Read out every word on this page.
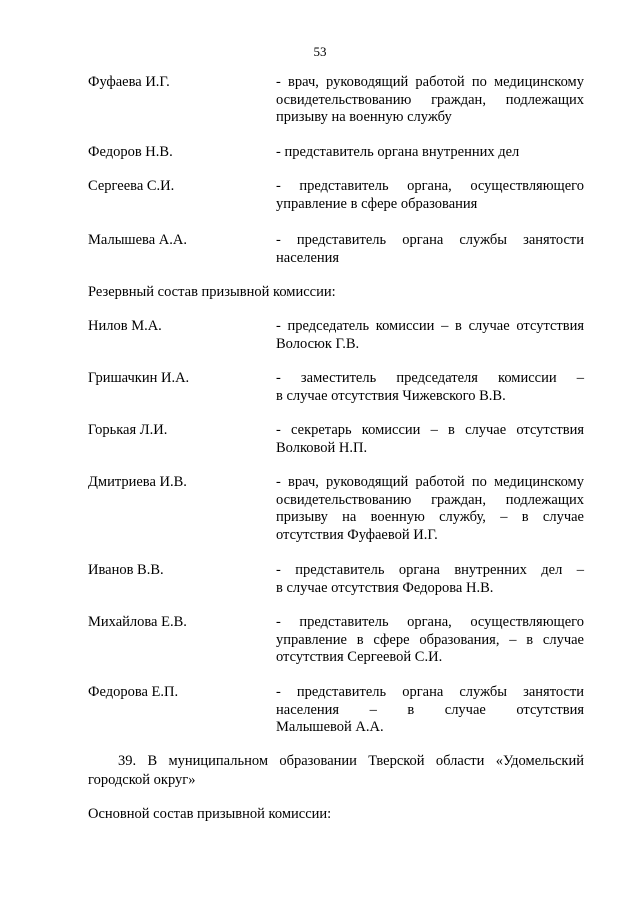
53
Фуфаева И.Г.	- врач, руководящий работой по медицинскому
освидетельствованию граждан, подлежащих
призыву на военную службу
Федоров Н.В.	- представитель органа внутренних дел
Сергеева С.И.	- представитель органа, осуществляющего
управление в сфере образования
Малышева А.А.	- представитель органа службы занятости
населения
Резервный состав призывной комиссии:
Нилов М.А.	- председатель комиссии – в случае отсутствия
Волосюк Г.В.
Гришачкин И.А.	- заместитель председателя комиссии –
в случае отсутствия Чижевского В.В.
Горькая Л.И.	- секретарь комиссии – в случае отсутствия
Волковой Н.П.
Дмитриева И.В.	- врач, руководящий работой по медицинскому
освидетельствованию граждан, подлежащих
призыву на военную службу, – в случае
отсутствия Фуфаевой И.Г.
Иванов В.В.	- представитель органа внутренних дел –
в случае отсутствия Федорова Н.В.
Михайлова Е.В.	- представитель органа, осуществляющего
управление в сфере образования, – в случае
отсутствия Сергеевой С.И.
Федорова Е.П.	- представитель органа службы занятости
населения – в случае отсутствия
Малышевой А.А.
39. В муниципальном образовании Тверской области «Удомельский
городской округ»
Основной состав призывной комиссии:
